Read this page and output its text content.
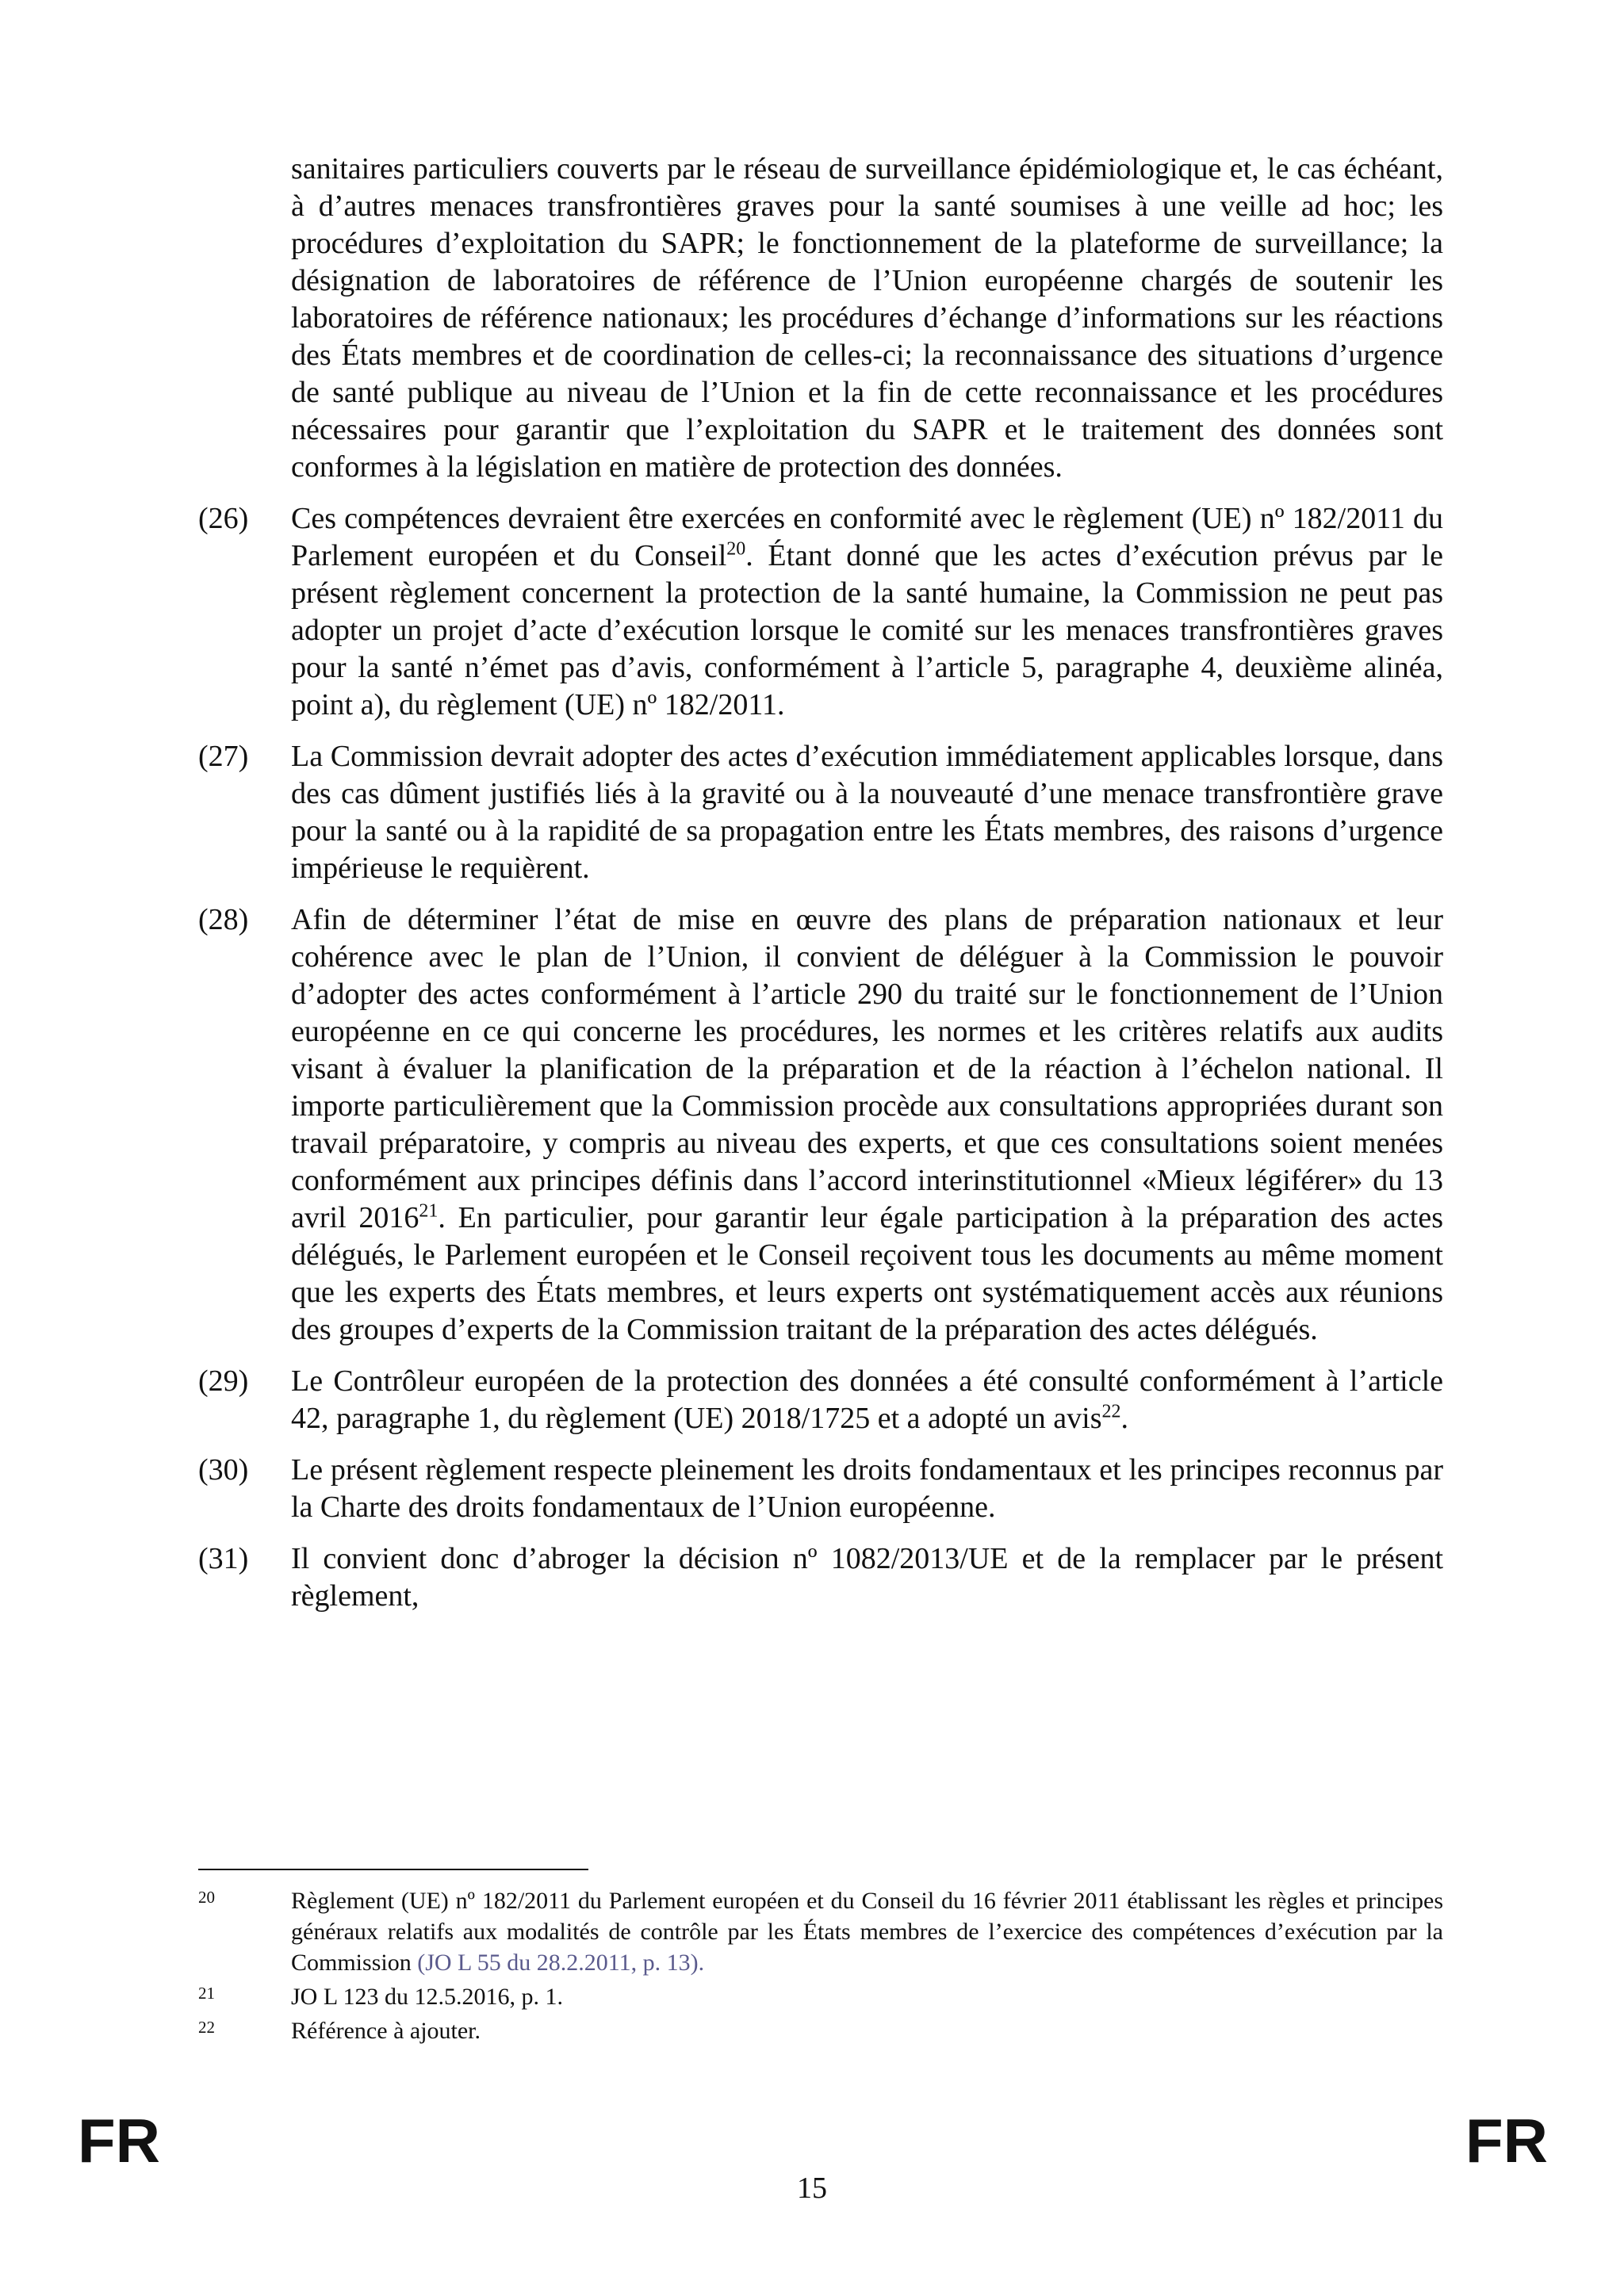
sanitaires particuliers couverts par le réseau de surveillance épidémiologique et, le cas échéant, à d’autres menaces transfrontières graves pour la santé soumises à une veille ad hoc; les procédures d’exploitation du SAPR; le fonctionnement de la plateforme de surveillance; la désignation de laboratoires de référence de l’Union européenne chargés de soutenir les laboratoires de référence nationaux; les procédures d’échange d’informations sur les réactions des États membres et de coordination de celles-ci; la reconnaissance des situations d’urgence de santé publique au niveau de l’Union et la fin de cette reconnaissance et les procédures nécessaires pour garantir que l’exploitation du SAPR et le traitement des données sont conformes à la législation en matière de protection des données.

(26)	Ces compétences devraient être exercées en conformité avec le règlement (UE) nº 182/2011 du Parlement européen et du Conseil$^{20}$. Étant donné que les actes d’exécution prévus par le présent règlement concernent la protection de la santé humaine, la Commission ne peut pas adopter un projet d’acte d’exécution lorsque le comité sur les menaces transfrontières graves pour la santé n’émet pas d’avis, conformément à l’article 5, paragraphe 4, deuxième alinéa, point a), du règlement (UE) nº 182/2011.
(27)	La Commission devrait adopter des actes d’exécution immédiatement applicables lorsque, dans des cas dûment justifiés liés à la gravité ou à la nouveauté d’une menace transfrontière grave pour la santé ou à la rapidité de sa propagation entre les États membres, des raisons d’urgence impérieuse le requièrent.
(28)	Afin de déterminer l’état de mise en œuvre des plans de préparation nationaux et leur cohérence avec le plan de l’Union, il convient de déléguer à la Commission le pouvoir d’adopter des actes conformément à l’article 290 du traité sur le fonctionnement de l’Union européenne en ce qui concerne les procédures, les normes et les critères relatifs aux audits visant à évaluer la planification de la préparation et de la réaction à l’échelon national. Il importe particulièrement que la Commission procède aux consultations appropriées durant son travail préparatoire, y compris au niveau des experts, et que ces consultations soient menées conformément aux principes définis dans l’accord interinstitutionnel «Mieux légiférer» du 13 avril 2016$^{21}$. En particulier, pour garantir leur égale participation à la préparation des actes délégués, le Parlement européen et le Conseil reçoivent tous les documents au même moment que les experts des États membres, et leurs experts ont systématiquement accès aux réunions des groupes d’experts de la Commission traitant de la préparation des actes délégués.
(29)	Le Contrôleur européen de la protection des données a été consulté conformément à l’article 42, paragraphe 1, du règlement (UE) 2018/1725 et a adopté un avis$^{22}$.
(30)	Le présent règlement respecte pleinement les droits fondamentaux et les principes reconnus par la Charte des droits fondamentaux de l’Union européenne.
(31)	Il convient donc d’abroger la décision nº 1082/2013/UE et de la remplacer par le présent règlement,
20	Règlement (UE) nº 182/2011 du Parlement européen et du Conseil du 16 février 2011 établissant les règles et principes généraux relatifs aux modalités de contrôle par les États membres de l’exercice des compétences d’exécution par la Commission (JO L 55 du 28.2.2011, p. 13).
21	JO L 123 du 12.5.2016, p. 1.
22	Référence à ajouter.
FR
15
FR
